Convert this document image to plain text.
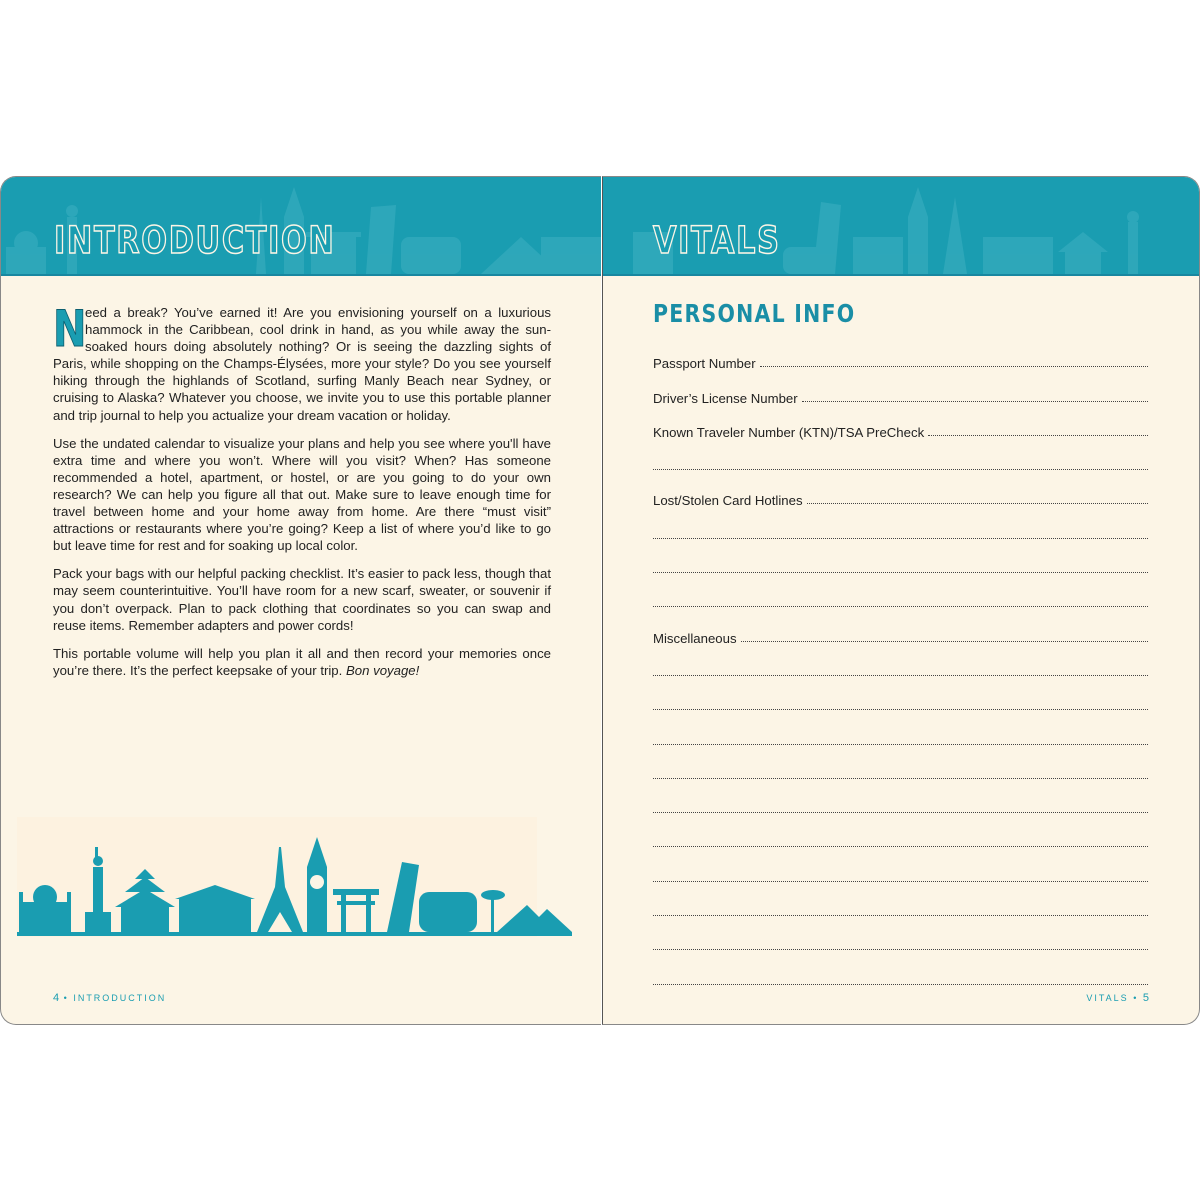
INTRODUCTION

N
eed a break? You’ve earned it! Are you envisioning yourself on a luxurious hammock in the Caribbean, cool drink in hand, as you while away the sun-soaked hours doing absolutely nothing? Or is seeing the dazzling sights of Paris, while shopping on the Champs-Élysées, more your style? Do you see yourself hiking through the highlands of Scotland, surfing Manly Beach near Sydney, or cruising to Alaska? Whatever you choose, we invite you to use this portable planner and trip journal to help you actualize your dream vacation or holiday.

Use the undated calendar to visualize your plans and help you see where you'll have extra time and where you won’t. Where will you visit? When? Has someone recommended a hotel, apartment, or hostel, or are you going to do your own research? We can help you figure all that out. Make sure to leave enough time for travel between home and your home away from home. Are there “must visit” attractions or restaurants where you’re going? Keep a list of where you’d like to go but leave time for rest and for soaking up local color.

Pack your bags with our helpful packing checklist. It’s easier to pack less, though that may seem counterintuitive. You’ll have room for a new scarf, sweater, or souvenir if you don’t overpack. Plan to pack clothing that coordinates so you can swap and reuse items. Remember adapters and power cords!

This portable volume will help you plan it all and then record your memories once you’re there. It’s the perfect keepsake of your trip. Bon voyage!

4 • INTRODUCTION
VITALS
PERSONAL INFO
Passport Number
Driver’s License Number
Known Traveler Number (KTN)/TSA PreCheck
Lost/Stolen Card Hotlines
Miscellaneous
VITALS • 5
